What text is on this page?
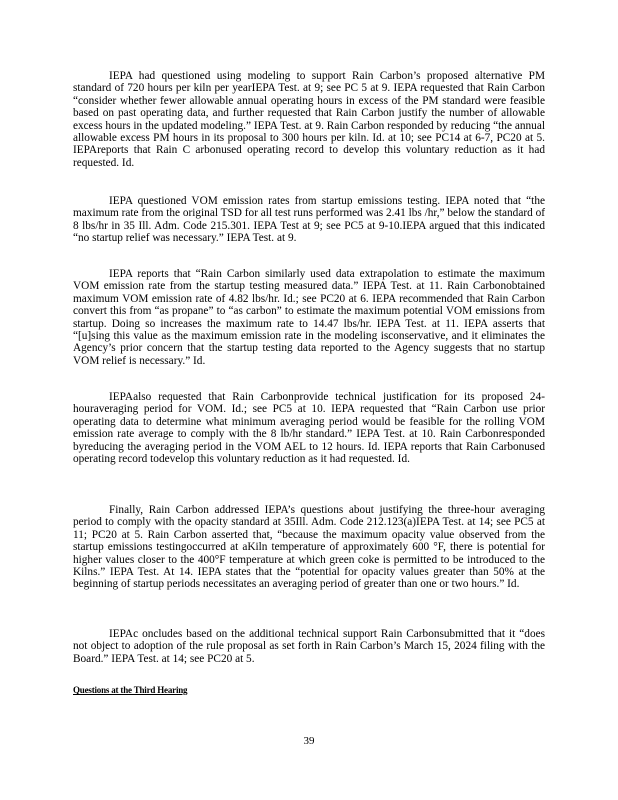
IEPA had questioned using modeling to support Rain Carbon’s proposed alternative PM standard of 720 hours per kiln per yearIEPA Test. at 9; see PC 5 at 9. IEPA requested that Rain Carbon “consider whether fewer allowable annual operating hours in excess of the PM standard were feasible based on past operating data, and further requested that Rain Carbon justify the number of allowable excess hours in the updated modeling.” IEPA Test. at 9. Rain Carbon responded by reducing “the annual allowable excess PM hours in its proposal to 300 hours per kiln. Id. at 10; see PC14 at 6-7, PC20 at 5. IEPAreports that Rain C arbonused operating record to develop this voluntary reduction as it had requested. Id.

IEPA questioned VOM emission rates from startup emissions testing. IEPA noted that “the maximum rate from the original TSD for all test runs performed was 2.41 lbs /hr,” below the standard of 8 lbs/hr in 35 Ill. Adm. Code 215.301. IEPA Test at 9; see PC5 at 9-10.IEPA argued that this indicated “no startup relief was necessary.” IEPA Test. at 9.

IEPA reports that “Rain Carbon similarly used data extrapolation to estimate the maximum VOM emission rate from the startup testing measured data.” IEPA Test. at 11. Rain Carbonobtained maximum VOM emission rate of 4.82 lbs/hr. Id.; see PC20 at 6. IEPA recommended that Rain Carbon convert this from “as propane” to “as carbon” to estimate the maximum potential VOM emissions from startup. Doing so increases the maximum rate to 14.47 lbs/hr. IEPA Test. at 11. IEPA asserts that “[u]sing this value as the maximum emission rate in the modeling isconservative, and it eliminates the Agency’s prior concern that the startup testing data reported to the Agency suggests that no startup VOM relief is necessary.” Id.

IEPAalso requested that Rain Carbonprovide technical justification for its proposed 24-houraveraging period for VOM. Id.; see PC5 at 10. IEPA requested that “Rain Carbon use prior operating data to determine what minimum averaging period would be feasible for the rolling VOM emission rate average to comply with the 8 lb/hr standard.” IEPA Test. at 10. Rain Carbonresponded byreducing the averaging period in the VOM AEL to 12 hours. Id. IEPA reports that Rain Carbonused operating record todevelop this voluntary reduction as it had requested. Id.

Finally, Rain Carbon addressed IEPA’s questions about justifying the three-hour averaging period to comply with the opacity standard at 35Ill. Adm. Code 212.123(a)IEPA Test. at 14; see PC5 at 11; PC20 at 5. Rain Carbon asserted that, “because the maximum opacity value observed from the startup emissions testingoccurred at aKiln temperature of approximately 600 °F, there is potential for higher values closer to the 400°F temperature at which green coke is permitted to be introduced to the Kilns.” IEPA Test. At 14. IEPA states that the “potential for opacity values greater than 50% at the beginning of startup periods necessitates an averaging period of greater than one or two hours.” Id.

IEPAc oncludes based on the additional technical support Rain Carbonsubmitted that it “does not object to adoption of the rule proposal as set forth in Rain Carbon’s March 15, 2024 filing with the Board.” IEPA Test. at 14; see PC20 at 5.

Questions at the Third Hearing
39
